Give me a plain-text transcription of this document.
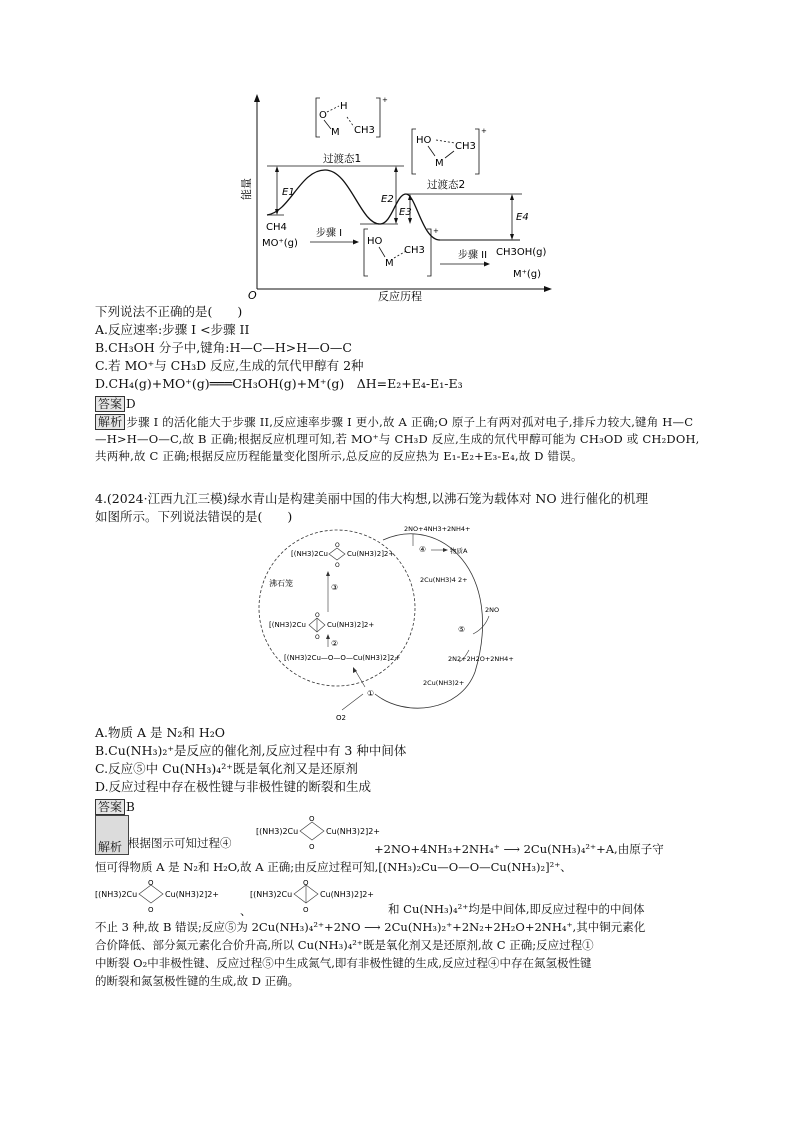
能量
O	反应历程
E1
E2
E3	E4
过渡态1
过渡态2
+
O
H
M CH3	+
HO
CH3
M
+
HO
M
CH3
CH4
MO⁺(g)
步骤 I
步骤 II CH3OH(g)
M⁺(g)
下列说法不正确的是(　　)
A.反应速率:步骤 I <步骤 II
B.CH₃OH 分子中,键角:H—C—H>H—O—C
C.若 MO⁺与 CH₃D 反应,生成的氘代甲醇有 2种
D.CH₄(g)+MO⁺(g)═══CH₃OH(g)+M⁺(g)　ΔH=E₂+E₄-E₁-E₃
答案 D
解析 步骤 I 的活化能大于步骤 II,反应速率步骤 I 更小,故 A 正确;O 原子上有两对孤对电子,排斥力较大,键角 H—C—H>H—O—C,故 B 正确;根据反应机理可知,若 MO⁺与 CH₃D 反应,生成的氘代甲醇可能为 CH₃OD 或 CH₂DOH,共两种,故 C 正确;根据反应历程能量变化图所示,总反应的反应热为 E₁-E₂+E₃-E₄,故 D 错误。
4.(2024·江西九江三模)绿水青山是构建美丽中国的伟大构想,以沸石笼为载体对 NO 进行催化的机理
如图所示。下列说法错误的是(　　)
沸石笼
[(NH3)2Cu
O
O
Cu(NH3)2]2+
[(NH3)2Cu
O
O
Cu(NH3)2]2+
[(NH3)2Cu—O—O—Cu(NH3)2]2+
②
③
2NO+4NH3+2NH4+
④	物质A
2Cu(NH3)4 2+
2NO
⑤
2N2+2H2O+2NH4+
2Cu(NH3)2+
①
O2
A.物质 A 是 N₂和 H₂O
B.Cu(NH₃)₂⁺是反应的催化剂,反应过程中有 3 种中间体
C.反应⑤中 Cu(NH₃)₄²⁺既是氧化剂又是还原剂
D.反应过程中存在极性键与非极性键的断裂和生成
答案 B
解析 根据图示可知过程④
[(NH3)2Cu
O
O
Cu(NH3)2]2+
+2NO+4NH₃+2NH₄⁺ ⟶ 2Cu(NH₃)₄²⁺+A,由原子守
恒可得物质 A 是 N₂和 H₂O,故 A 正确;由反应过程可知,[(NH₃)₂Cu—O—O—Cu(NH₃)₂]²⁺、
[(NH3)2Cu
O
O
Cu(NH3)2]2+
、
[(NH3)2Cu
O
O
Cu(NH3)2]2+
和 Cu(NH₃)₄²⁺均是中间体,即反应过程中的中间体
不止 3 种,故 B 错误;反应⑤为 2Cu(NH₃)₄²⁺+2NO ⟶ 2Cu(NH₃)₂⁺+2N₂+2H₂O+2NH₄⁺,其中铜元素化
合价降低、部分氮元素化合价升高,所以 Cu(NH₃)₄²⁺既是氧化剂又是还原剂,故 C 正确;反应过程①
中断裂 O₂中非极性键、反应过程⑤中生成氮气,即有非极性键的生成,反应过程④中存在氮氢极性键
的断裂和氮氢极性键的生成,故 D 正确。
